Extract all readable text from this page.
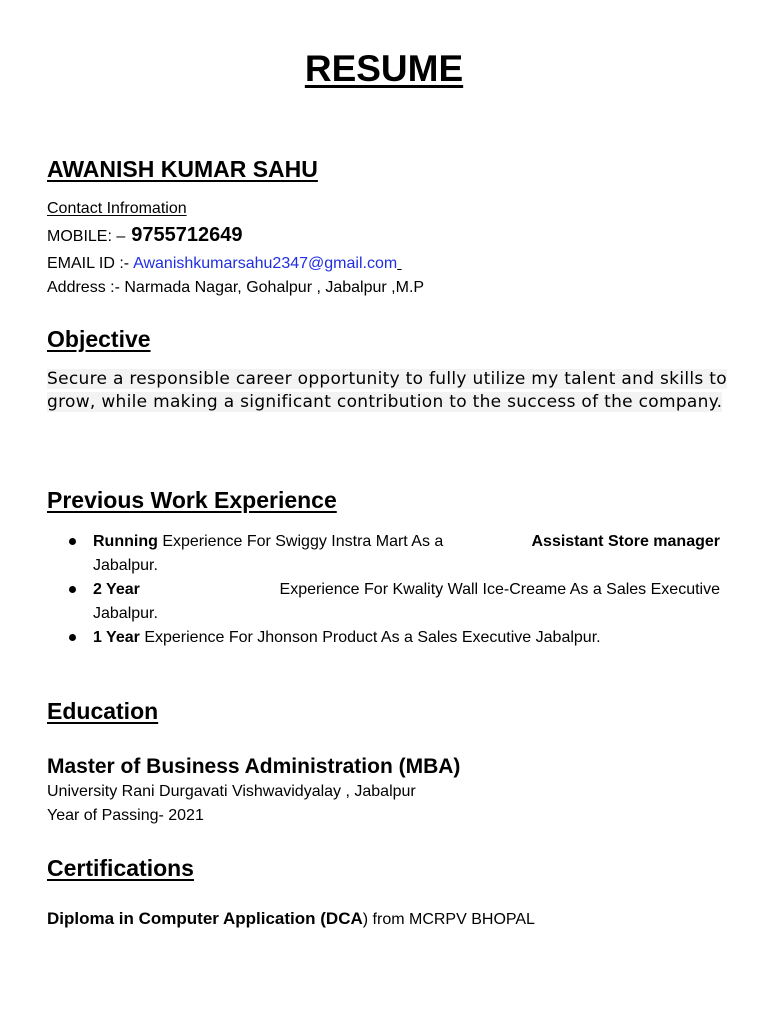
RESUME
AWANISH KUMAR SAHU
Contact Infromation
MOBILE: – 9755712649
EMAIL ID :- Awanishkumarsahu2347@gmail.com
Address :- Narmada Nagar, Gohalpur , Jabalpur ,M.P
Objective
Secure a responsible career opportunity to fully utilize my talent and skills to grow, while making a significant contribution to the success of the company.
Previous Work Experience
Running Experience For Swiggy Instra Mart As a	Assistant Store manager
Jabalpur.
2 Year	Experience For Kwality Wall Ice-Creame As a Sales Executive
Jabalpur.
1 Year Experience For Jhonson Product As a Sales Executive Jabalpur.
Education
Master of Business Administration (MBA)
University Rani Durgavati Vishwavidyalay , Jabalpur
Year of Passing- 2021
Certifications
Diploma in Computer Application (DCA) from MCRPV BHOPAL
